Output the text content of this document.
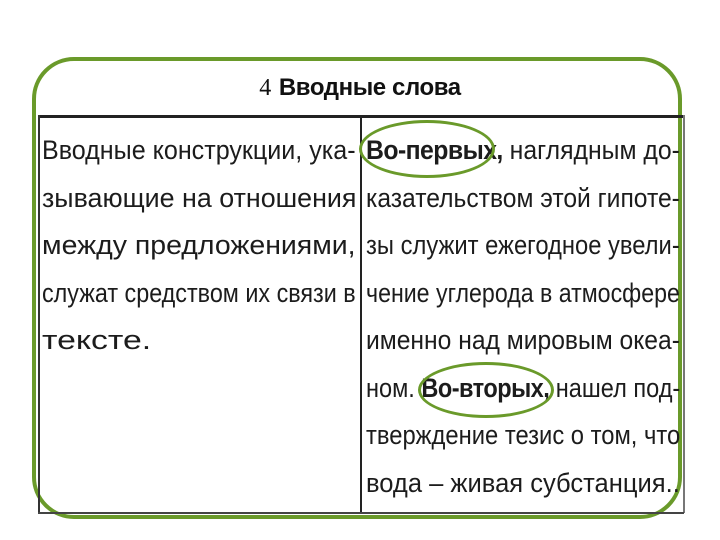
4 Вводные слова
Вводные конструкции, ука-
зывающие на отношения
между предложениями,
служат средством их связи в
тексте.
Во-первых, наглядным до-
казательством этой гипоте-
зы служит ежегодное увели-
чение углерода в атмосфере
именно над мировым океа-
ном. Во-вторых, нашел под-
тверждение тезис о том, что
вода – живая субстанция..
